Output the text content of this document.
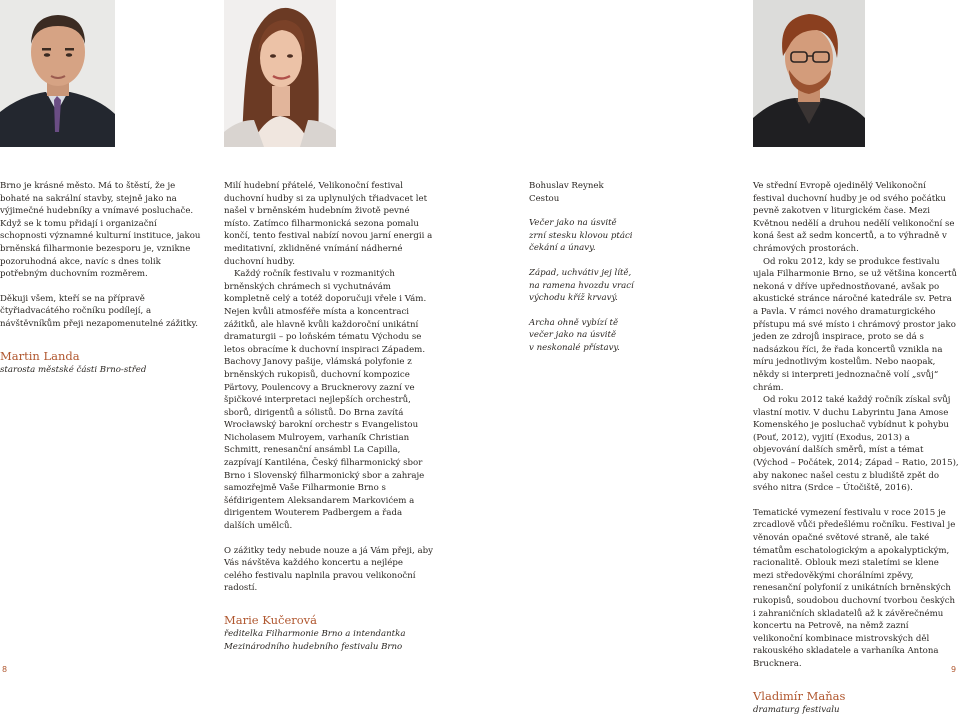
Brno je krásné město. Má to štěstí, že je bohaté na sakrální stavby, stejně jako na výjimečné hudebníky a vnímavé posluchače. Když se k tomu přidají i organizační schopnosti významné kulturní instituce, jakou brněnská filharmonie bezesporu je, vznikne pozoruhodná akce, navíc s dnes tolik potřebným duchovním rozměrem.

Děkuji všem, kteří se na přípravě čtyřiadvacátého ročníku podílejí, a návštěvníkům přeji nezapomenutelné zážitky.

Martin Landa

starosta městské části Brno-střed

Milí hudební přátelé, Velikonoční festival duchovní hudby si za uplynulých třiadvacet let našel v brněnském hudebním životě pevné místo. Zatímco filharmonická sezona pomalu končí, tento festival nabízí novou jarní energii a meditativní, zklidněné vnímání nádherné duchovní hudby.

Každý ročník festivalu v rozmanitých brněnských chrámech si vychutnávám kompletně celý a totéž doporučuji vřele i Vám. Nejen kvůli atmosféře místa a koncentraci zážitků, ale hlavně kvůli každoroční unikátní dramaturgii – po loňském tématu Východu se letos obracíme k duchovní inspiraci Západem. Bachovy Janovy pašije, vlámská polyfonie z brněnských rukopisů, duchovní kompozice Pärtovy, Poulencovy a Brucknerovy zazní ve špičkové interpretaci nejlepších orchestrů, sborů, dirigentů a sólistů. Do Brna zavítá Wrocławský barokní orchestr s Evangelistou Nicholasem Mulroyem, varhaník Christian Schmitt, renesanční ansámbl La Capilla, zazpívají Kantiléna, Český filharmonický sbor Brno i Slovenský filharmonický sbor a zahraje samozřejmě Vaše Filharmonie Brno s šéfdirigentem Aleksandarem Markovićem a dirigentem Wouterem Padbergem a řada dalších umělců.

O zážitky tedy nebude nouze a já Vám přeji, aby Vás návštěva každého koncertu a nejlépe celého festivalu naplnila pravou velikonoční radostí.

Marie Kučerová

ředitelka Filharmonie Brno a intendantka

Mezinárodního hudebního festivalu Brno

Bohuslav Reynek

Cestou

Večer jako na úsvitě

zrní stesku klovou ptáci

čekání a únavy.

Západ, uchvátiv jej lítě,

na ramena hvozdu vrací

východu kříž krvavý.

Archa ohně vybízí tě

večer jako na úsvitě

v neskonalé přístavy.

Ve střední Evropě ojedinělý Velikonoční festival duchovní hudby je od svého počátku pevně zakotven v liturgickém čase. Mezi Květnou nedělí a druhou nedělí velikonoční se koná šest až sedm koncertů, a to výhradně v chrámových prostorách.

Od roku 2012, kdy se produkce festivalu ujala Filharmonie Brno, se už většina koncertů nekoná v dříve upřednostňované, avšak po akustické stránce náročné katedrále sv. Petra a Pavla. V rámci nového dramaturgického přístupu má své místo i chrámový prostor jako jeden ze zdrojů inspirace, proto se dá s nadsázkou říci, že řada koncertů vznikla na míru jednotlivým kostelům. Nebo naopak, někdy si interpreti jednoznačně volí „svůj“ chrám.

Od roku 2012 také každý ročník získal svůj vlastní motiv. V duchu Labyrintu Jana Amose Komenského je posluchač vybídnut k pohybu (Pouť, 2012), vyjití (Exodus, 2013) a objevování dalších směrů, míst a témat (Východ – Počátek, 2014; Západ – Ratio, 2015), aby nakonec našel cestu z bludiště zpět do svého nitra (Srdce – Útočiště, 2016).

Tematické vymezení festivalu v roce 2015 je zrcadlově vůči předešlému ročníku. Festival je věnován opačné světové straně, ale také tématům eschatologickým a apokalyptickým, racionalitě. Oblouk mezi staletími se klene mezi středověkými chorálními zpěvy, renesanční polyfonií z unikátních brněnských rukopisů, soudobou duchovní tvorbou českých i zahraničních skladatelů až k závěrečnému koncertu na Petrově, na němž zazní velikonoční kombinace mistrovských děl rakouského skladatele a varhaníka Antona Brucknera.

Vladimír Maňas

dramaturg festivalu

8	9
